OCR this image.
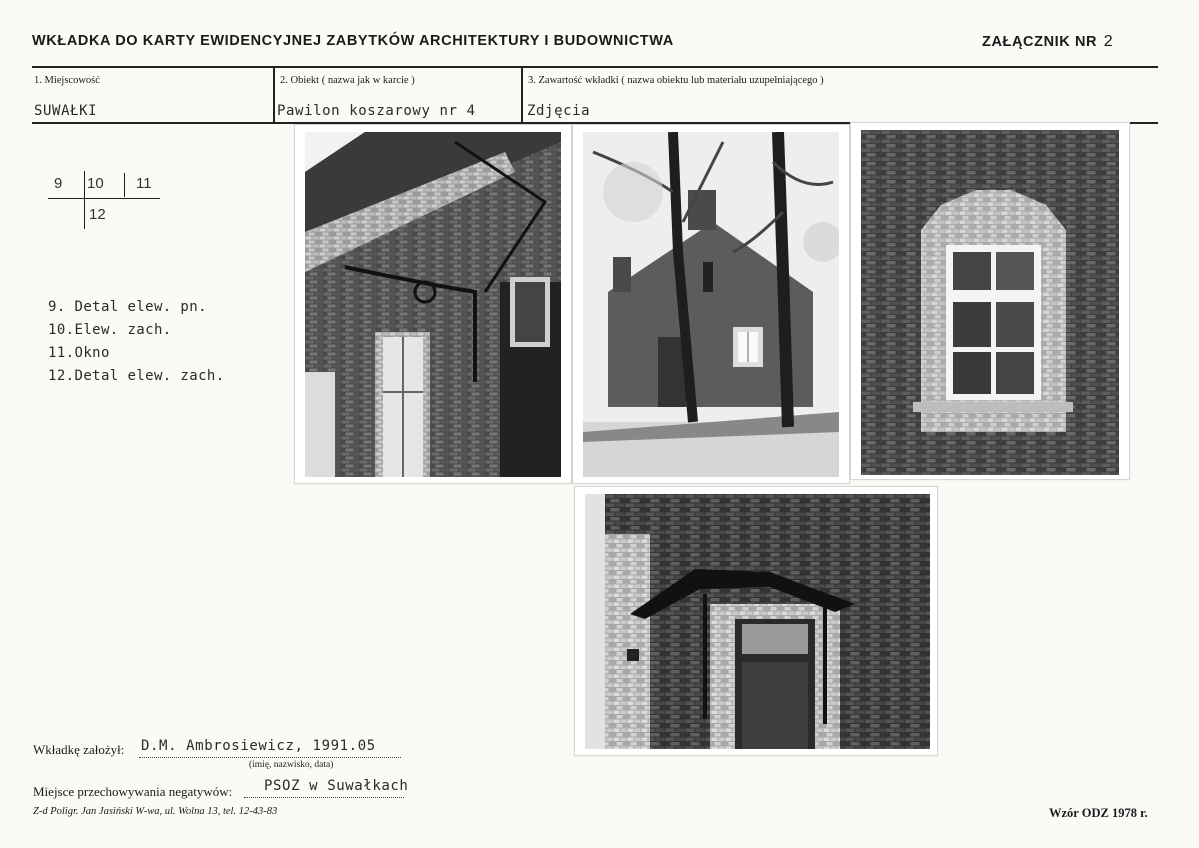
WKŁADKA DO KARTY EWIDENCYJNEJ ZABYTKÓW ARCHITEKTURY I BUDOWNICTWA	ZAŁĄCZNIK NR 2
1. Miejscowość	2. Obiekt ( nazwa jak w karcie )	3. Zawartość wkładki ( nazwa obiektu lub materiału uzupełniającego )
SUWAŁKI	Pawilon koszarowy nr 4	Zdjęcia
9 10 11
12
9. Detal elew. pn.
10.Elew. zach.
11.Okno
12.Detal elew. zach.
Wkładkę założył: D.M. Ambrosiewicz, 1991.05
(imię, nazwisko, data)
Miejsce przechowywania negatywów: PSOZ w Suwałkach
Z-d Poligr. Jan Jasiński W-wa, ul. Wolna 13, tel. 12-43-83	Wzór ODZ 1978 r.
